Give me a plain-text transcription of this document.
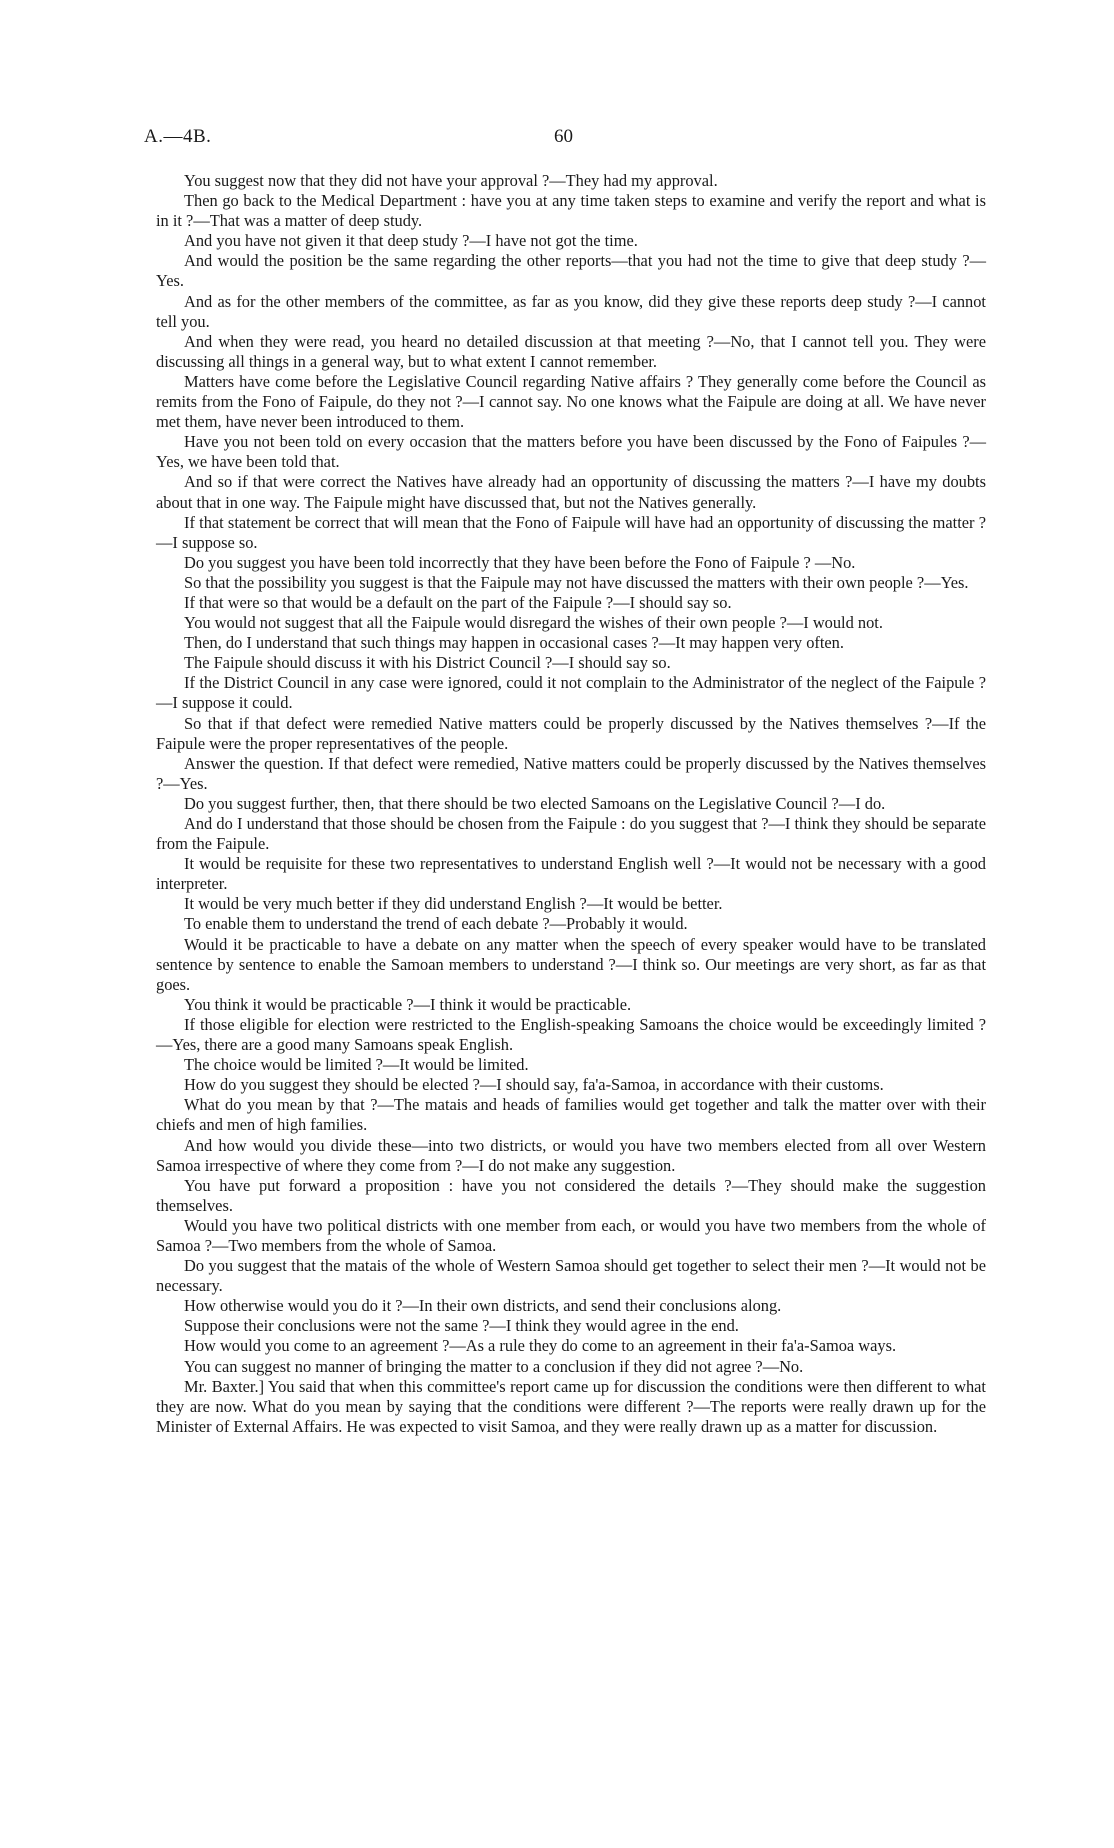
A.—4B.	60

You suggest now that they did not have your approval ?—They had my approval.

Then go back to the Medical Department : have you at any time taken steps to examine and verify the report and what is in it ?—That was a matter of deep study.

And you have not given it that deep study ?—I have not got the time.

And would the position be the same regarding the other reports—that you had not the time to give that deep study ?—Yes.

And as for the other members of the committee, as far as you know, did they give these reports deep study ?—I cannot tell you.

And when they were read, you heard no detailed discussion at that meeting ?—No, that I cannot tell you. They were discussing all things in a general way, but to what extent I cannot remember.

Matters have come before the Legislative Council regarding Native affairs ? They generally come before the Council as remits from the Fono of Faipule, do they not ?—I cannot say. No one knows what the Faipule are doing at all. We have never met them, have never been introduced to them.

Have you not been told on every occasion that the matters before you have been discussed by the Fono of Faipules ?—Yes, we have been told that.

And so if that were correct the Natives have already had an opportunity of discussing the matters ?—I have my doubts about that in one way. The Faipule might have discussed that, but not the Natives generally.

If that statement be correct that will mean that the Fono of Faipule will have had an opportunity of discussing the matter ?—I suppose so.

Do you suggest you have been told incorrectly that they have been before the Fono of Faipule ? —No.

So that the possibility you suggest is that the Faipule may not have discussed the matters with their own people ?—Yes.

If that were so that would be a default on the part of the Faipule ?—I should say so.

You would not suggest that all the Faipule would disregard the wishes of their own people ?—I would not.

Then, do I understand that such things may happen in occasional cases ?—It may happen very often.

The Faipule should discuss it with his District Council ?—I should say so.

If the District Council in any case were ignored, could it not complain to the Administrator of the neglect of the Faipule ?—I suppose it could.

So that if that defect were remedied Native matters could be properly discussed by the Natives themselves ?—If the Faipule were the proper representatives of the people.

Answer the question. If that defect were remedied, Native matters could be properly discussed by the Natives themselves ?—Yes.

Do you suggest further, then, that there should be two elected Samoans on the Legislative Council ?—I do.

And do I understand that those should be chosen from the Faipule : do you suggest that ?—I think they should be separate from the Faipule.

It would be requisite for these two representatives to understand English well ?—It would not be necessary with a good interpreter.

It would be very much better if they did understand English ?—It would be better.

To enable them to understand the trend of each debate ?—Probably it would.

Would it be practicable to have a debate on any matter when the speech of every speaker would have to be translated sentence by sentence to enable the Samoan members to understand ?—I think so. Our meetings are very short, as far as that goes.

You think it would be practicable ?—I think it would be practicable.

If those eligible for election were restricted to the English-speaking Samoans the choice would be exceedingly limited ?—Yes, there are a good many Samoans speak English.

The choice would be limited ?—It would be limited.

How do you suggest they should be elected ?—I should say, fa'a-Samoa, in accordance with their customs.

What do you mean by that ?—The matais and heads of families would get together and talk the matter over with their chiefs and men of high families.

And how would you divide these—into two districts, or would you have two members elected from all over Western Samoa irrespective of where they come from ?—I do not make any suggestion.

You have put forward a proposition : have you not considered the details ?—They should make the suggestion themselves.

Would you have two political districts with one member from each, or would you have two members from the whole of Samoa ?—Two members from the whole of Samoa.

Do you suggest that the matais of the whole of Western Samoa should get together to select their men ?—It would not be necessary.

How otherwise would you do it ?—In their own districts, and send their conclusions along.

Suppose their conclusions were not the same ?—I think they would agree in the end.

How would you come to an agreement ?—As a rule they do come to an agreement in their fa'a-Samoa ways.

You can suggest no manner of bringing the matter to a conclusion if they did not agree ?—No.

Mr. Baxter.] You said that when this committee's report came up for discussion the conditions were then different to what they are now. What do you mean by saying that the conditions were different ?—The reports were really drawn up for the Minister of External Affairs. He was expected to visit Samoa, and they were really drawn up as a matter for discussion.
